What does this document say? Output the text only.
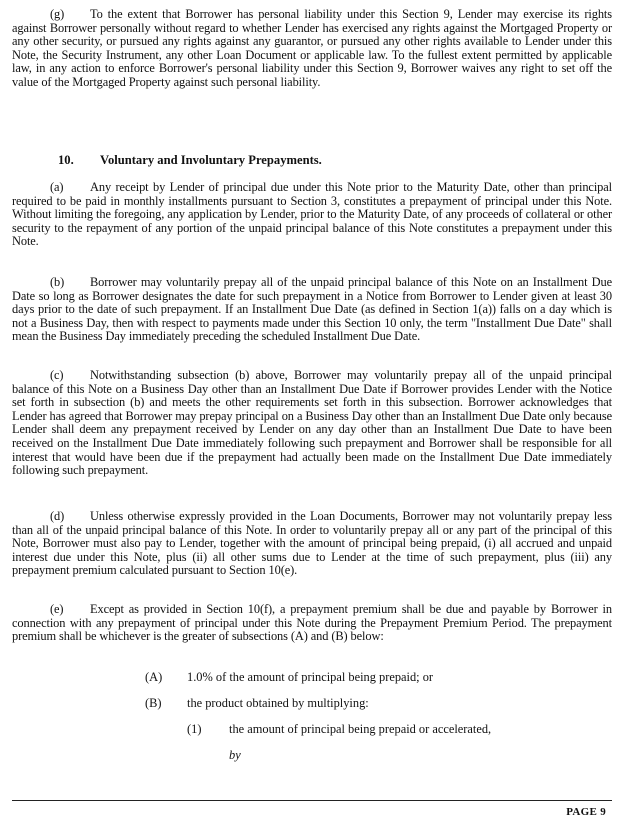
(g) To the extent that Borrower has personal liability under this Section 9, Lender may exercise its rights against Borrower personally without regard to whether Lender has exercised any rights against the Mortgaged Property or any other security, or pursued any rights against any guarantor, or pursued any other rights available to Lender under this Note, the Security Instrument, any other Loan Document or applicable law. To the fullest extent permitted by applicable law, in any action to enforce Borrower's personal liability under this Section 9, Borrower waives any right to set off the value of the Mortgaged Property against such personal liability.

10. Voluntary and Involuntary Prepayments.

(a) Any receipt by Lender of principal due under this Note prior to the Maturity Date, other than principal required to be paid in monthly installments pursuant to Section 3, constitutes a prepayment of principal under this Note. Without limiting the foregoing, any application by Lender, prior to the Maturity Date, of any proceeds of collateral or other security to the repayment of any portion of the unpaid principal balance of this Note constitutes a prepayment under this Note.

(b) Borrower may voluntarily prepay all of the unpaid principal balance of this Note on an Installment Due Date so long as Borrower designates the date for such prepayment in a Notice from Borrower to Lender given at least 30 days prior to the date of such prepayment. If an Installment Due Date (as defined in Section 1(a)) falls on a day which is not a Business Day, then with respect to payments made under this Section 10 only, the term "Installment Due Date" shall mean the Business Day immediately preceding the scheduled Installment Due Date.

(c) Notwithstanding subsection (b) above, Borrower may voluntarily prepay all of the unpaid principal balance of this Note on a Business Day other than an Installment Due Date if Borrower provides Lender with the Notice set forth in subsection (b) and meets the other requirements set forth in this subsection. Borrower acknowledges that Lender has agreed that Borrower may prepay principal on a Business Day other than an Installment Due Date only because Lender shall deem any prepayment received by Lender on any day other than an Installment Due Date to have been received on the Installment Due Date immediately following such prepayment and Borrower shall be responsible for all interest that would have been due if the prepayment had actually been made on the Installment Due Date immediately following such prepayment.

(d) Unless otherwise expressly provided in the Loan Documents, Borrower may not voluntarily prepay less than all of the unpaid principal balance of this Note. In order to voluntarily prepay all or any part of the principal of this Note, Borrower must also pay to Lender, together with the amount of principal being prepaid, (i) all accrued and unpaid interest due under this Note, plus (ii) all other sums due to Lender at the time of such prepayment, plus (iii) any prepayment premium calculated pursuant to Section 10(e).

(e) Except as provided in Section 10(f), a prepayment premium shall be due and payable by Borrower in connection with any prepayment of principal under this Note during the Prepayment Premium Period. The prepayment premium shall be whichever is the greater of subsections (A) and (B) below:

(A) 1.0% of the amount of principal being prepaid; or

(B) the product obtained by multiplying:

(1) the amount of principal being prepaid or accelerated,

by

PAGE 9
